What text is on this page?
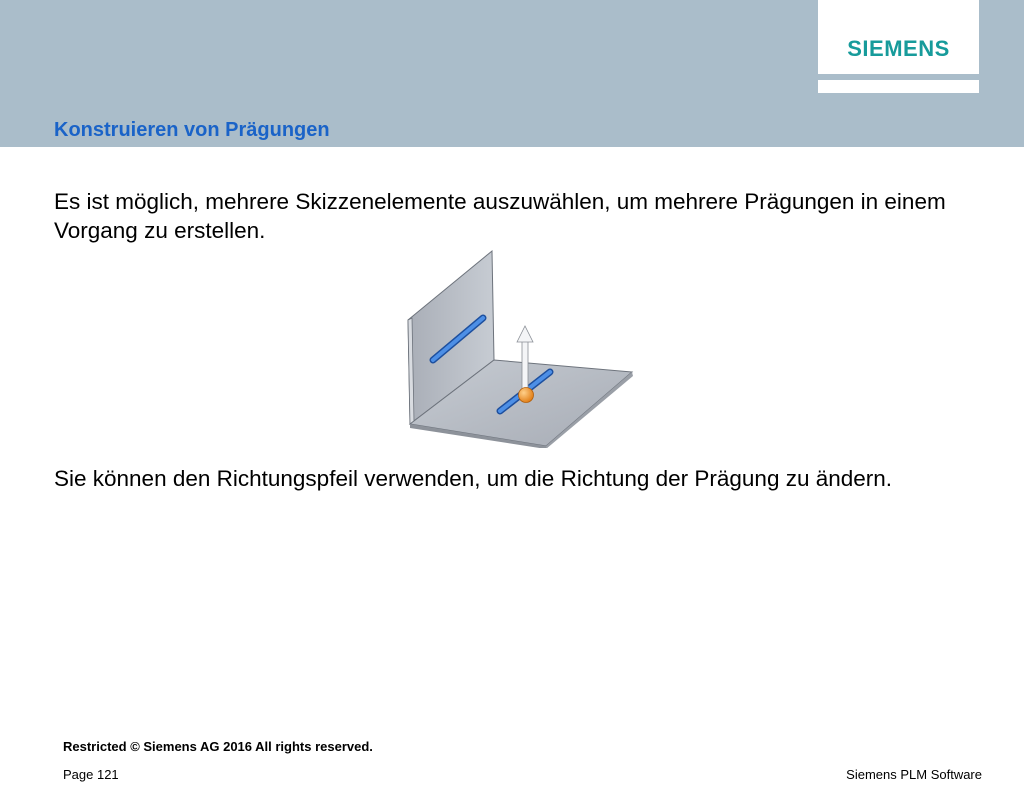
SIEMENS
Konstruieren von Prägungen
Es ist möglich, mehrere Skizzenelemente auszuwählen, um mehrere Prägungen in einem Vorgang zu erstellen.
Sie können den Richtungspfeil verwenden, um die Richtung der Prägung zu ändern.
Restricted © Siemens AG 2016 All rights reserved.
Page 121	Siemens PLM Software
